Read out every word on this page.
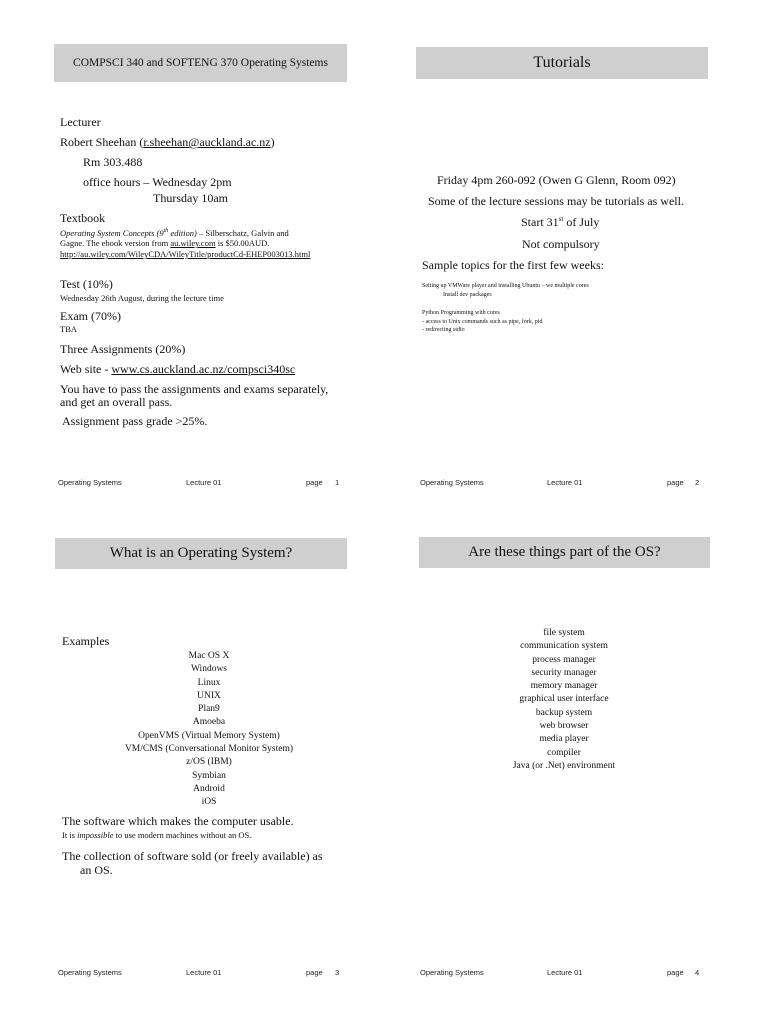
COMPSCI 340 and SOFTENG 370 Operating Systems
Lecturer
Robert Sheehan (r.sheehan@auckland.ac.nz)
Rm 303.488
office hours – Wednesday 2pm
Thursday 10am
Textbook
Operating System Concepts (9th edition) – Silberschatz, Galvin and
Gagne. The ebook version from au.wiley.com is $50.00AUD.
http://au.wiley.com/WileyCDA/WileyTitle/productCd-EHEP003013.html
Test (10%)
Wednesday 26th August, during the lecture time
Exam (70%)
TBA
Three Assignments (20%)
Web site - www.cs.auckland.ac.nz/compsci340sc
You have to pass the assignments and exams separately,
and get an overall pass.
Assignment pass grade >25%.
Operating Systems	Lecture 01	page 1
Tutorials
Friday 4pm 260-092 (Owen G Glenn, Room 092)
Some of the lecture sessions may be tutorials as well.
Start 31st of July
Not compulsory
Sample topics for the first few weeks:
Setting up VMWare player and installing Ubuntu – we multiple cores
Install dev packages
Python Programming with cores
- access to Unix commands such as pipe, fork, pid
- redirecting stdio
Operating Systems	Lecture 01	page 2
What is an Operating System?
Examples
Mac OS X
Windows
Linux
UNIX
Plan9
Amoeba
OpenVMS (Virtual Memory System)
VM/CMS (Conversational Monitor System)
z/OS (IBM)
Symbian
Android
iOS
The software which makes the computer usable.
It is impossible to use modern machines without an OS.
The collection of software sold (or freely available) as
an OS.
Operating Systems	Lecture 01	page 3
Are these things part of the OS?
file system
communication system
process manager
security manager
memory manager
graphical user interface
backup system
web browser
media player
compiler
Java (or .Net) environment
Operating Systems	Lecture 01	page 4
